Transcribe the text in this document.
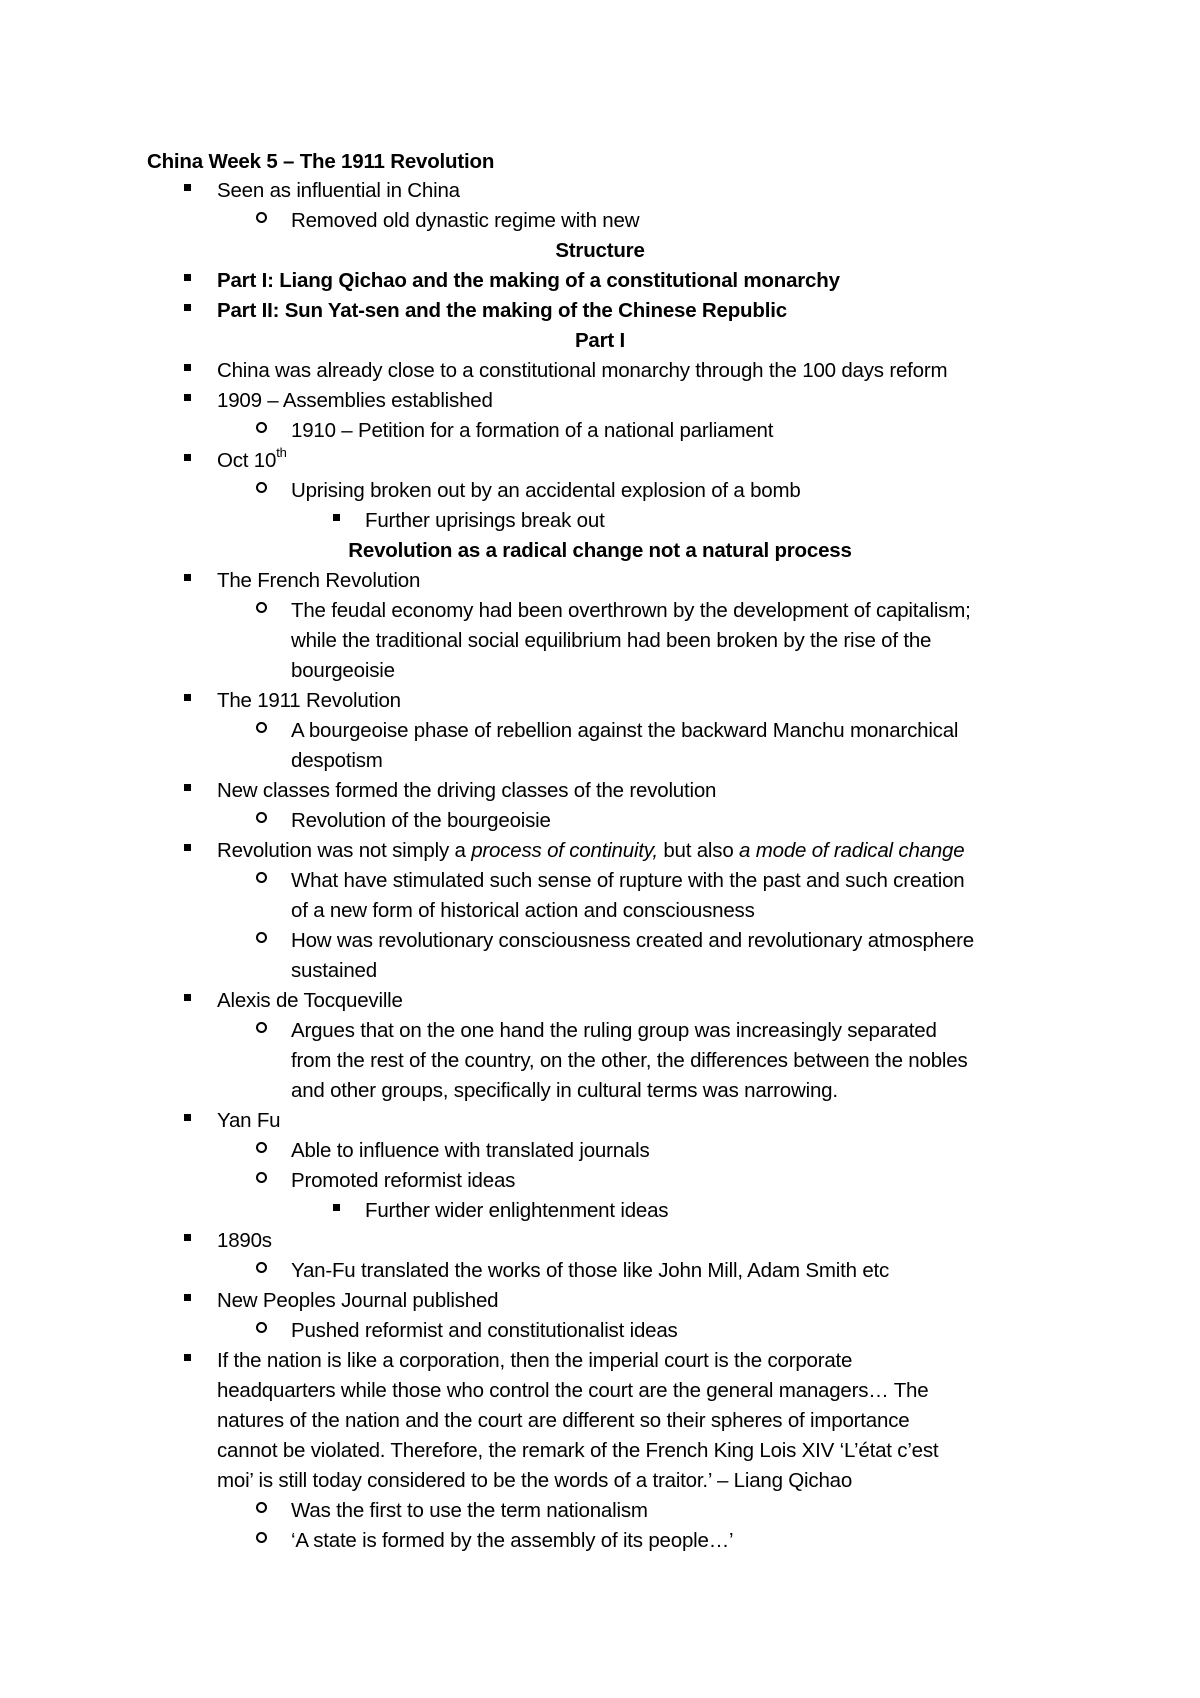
China Week 5 – The 1911 Revolution
Seen as influential in China
Removed old dynastic regime with new
Structure
Part I: Liang Qichao and the making of a constitutional monarchy
Part II: Sun Yat-sen and the making of the Chinese Republic
Part I
China was already close to a constitutional monarchy through the 100 days reform
1909 – Assemblies established
1910 – Petition for a formation of a national parliament
Oct 10th
Uprising broken out by an accidental explosion of a bomb
Further uprisings break out
Revolution as a radical change not a natural process
The French Revolution
The feudal economy had been overthrown by the development of capitalism;
while the traditional social equilibrium had been broken by the rise of the
bourgeoisie
The 1911 Revolution
A bourgeoise phase of rebellion against the backward Manchu monarchical
despotism
New classes formed the driving classes of the revolution
Revolution of the bourgeoisie
Revolution was not simply a process of continuity, but also a mode of radical change
What have stimulated such sense of rupture with the past and such creation
of a new form of historical action and consciousness
How was revolutionary consciousness created and revolutionary atmosphere
sustained
Alexis de Tocqueville
Argues that on the one hand the ruling group was increasingly separated
from the rest of the country, on the other, the differences between the nobles
and other groups, specifically in cultural terms was narrowing.
Yan Fu
Able to influence with translated journals
Promoted reformist ideas
Further wider enlightenment ideas
1890s
Yan-Fu translated the works of those like John Mill, Adam Smith etc
New Peoples Journal published
Pushed reformist and constitutionalist ideas
If the nation is like a corporation, then the imperial court is the corporate
headquarters while those who control the court are the general managers… The
natures of the nation and the court are different so their spheres of importance
cannot be violated. Therefore, the remark of the French King Lois XIV ‘L’état c’est
moi’ is still today considered to be the words of a traitor.’ – Liang Qichao
Was the first to use the term nationalism
‘A state is formed by the assembly of its people…’
